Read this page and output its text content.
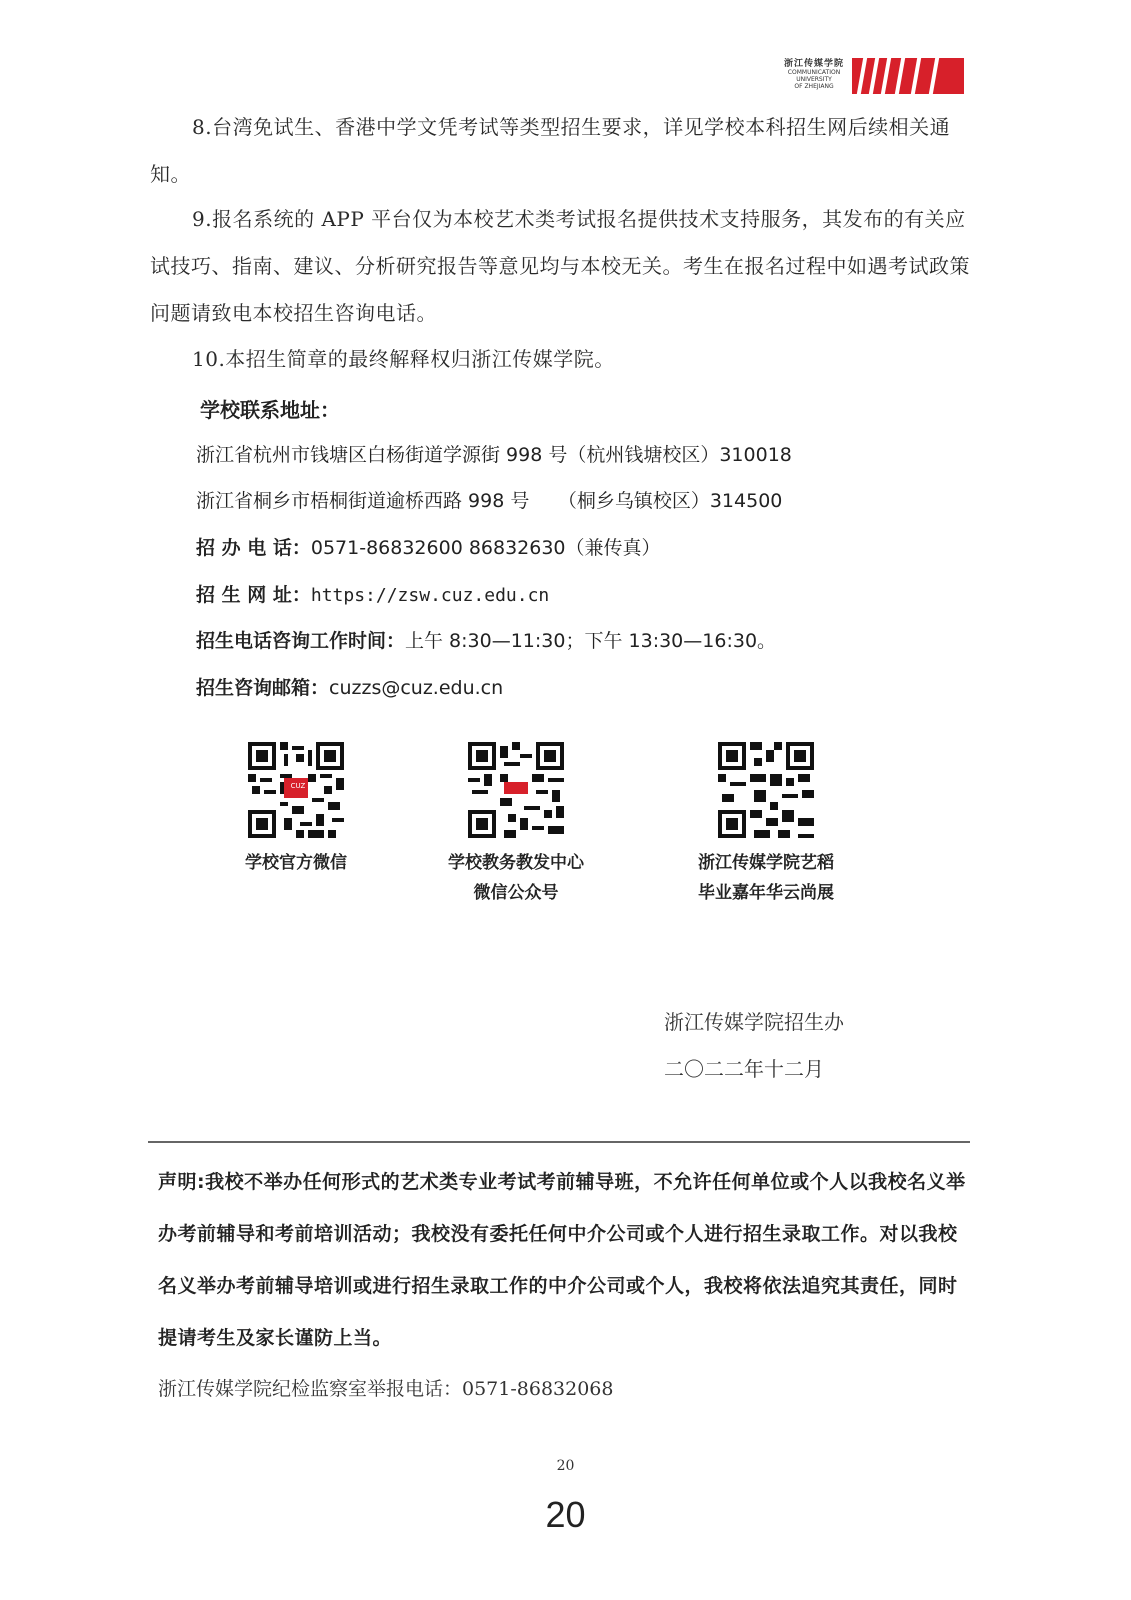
浙江传媒学院
COMMUNICATION
UNIVERSITY
OF ZHEJIANG

8.台湾免试生、香港中学文凭考试等类型招生要求，详见学校本科招生网后续相关通知。

9.报名系统的 APP 平台仅为本校艺术类考试报名提供技术支持服务，其发布的有关应试技巧、指南、建议、分析研究报告等意见均与本校无关。考生在报名过程中如遇考试政策问题请致电本校招生咨询电话。

10.本招生简章的最终解释权归浙江传媒学院。

学校联系地址：
浙江省杭州市钱塘区白杨街道学源街 998 号（杭州钱塘校区）310018
浙江省桐乡市梧桐街道逾桥西路 998 号　　（桐乡乌镇校区）314500
招 办 电 话：0571-86832600 86832630（兼传真）
招 生 网 址：https://zsw.cuz.edu.cn
招生电话咨询工作时间：上午 8:30—11:30；下午 13:30—16:30。
招生咨询邮箱：cuzzs@cuz.edu.cn
CUZ
学校官方微信	学校教务教发中心
微信公众号
浙江传媒学院艺稻
毕业嘉年华云尚展
浙江传媒学院招生办
二〇二二年十二月

声明:我校不举办任何形式的艺术类专业考试考前辅导班，不允许任何单位或个人以我校名义举办考前辅导和考前培训活动；我校没有委托任何中介公司或个人进行招生录取工作。对以我校名义举办考前辅导培训或进行招生录取工作的中介公司或个人，我校将依法追究其责任，同时提请考生及家长谨防上当。

浙江传媒学院纪检监察室举报电话：0571-86832068
20
20
